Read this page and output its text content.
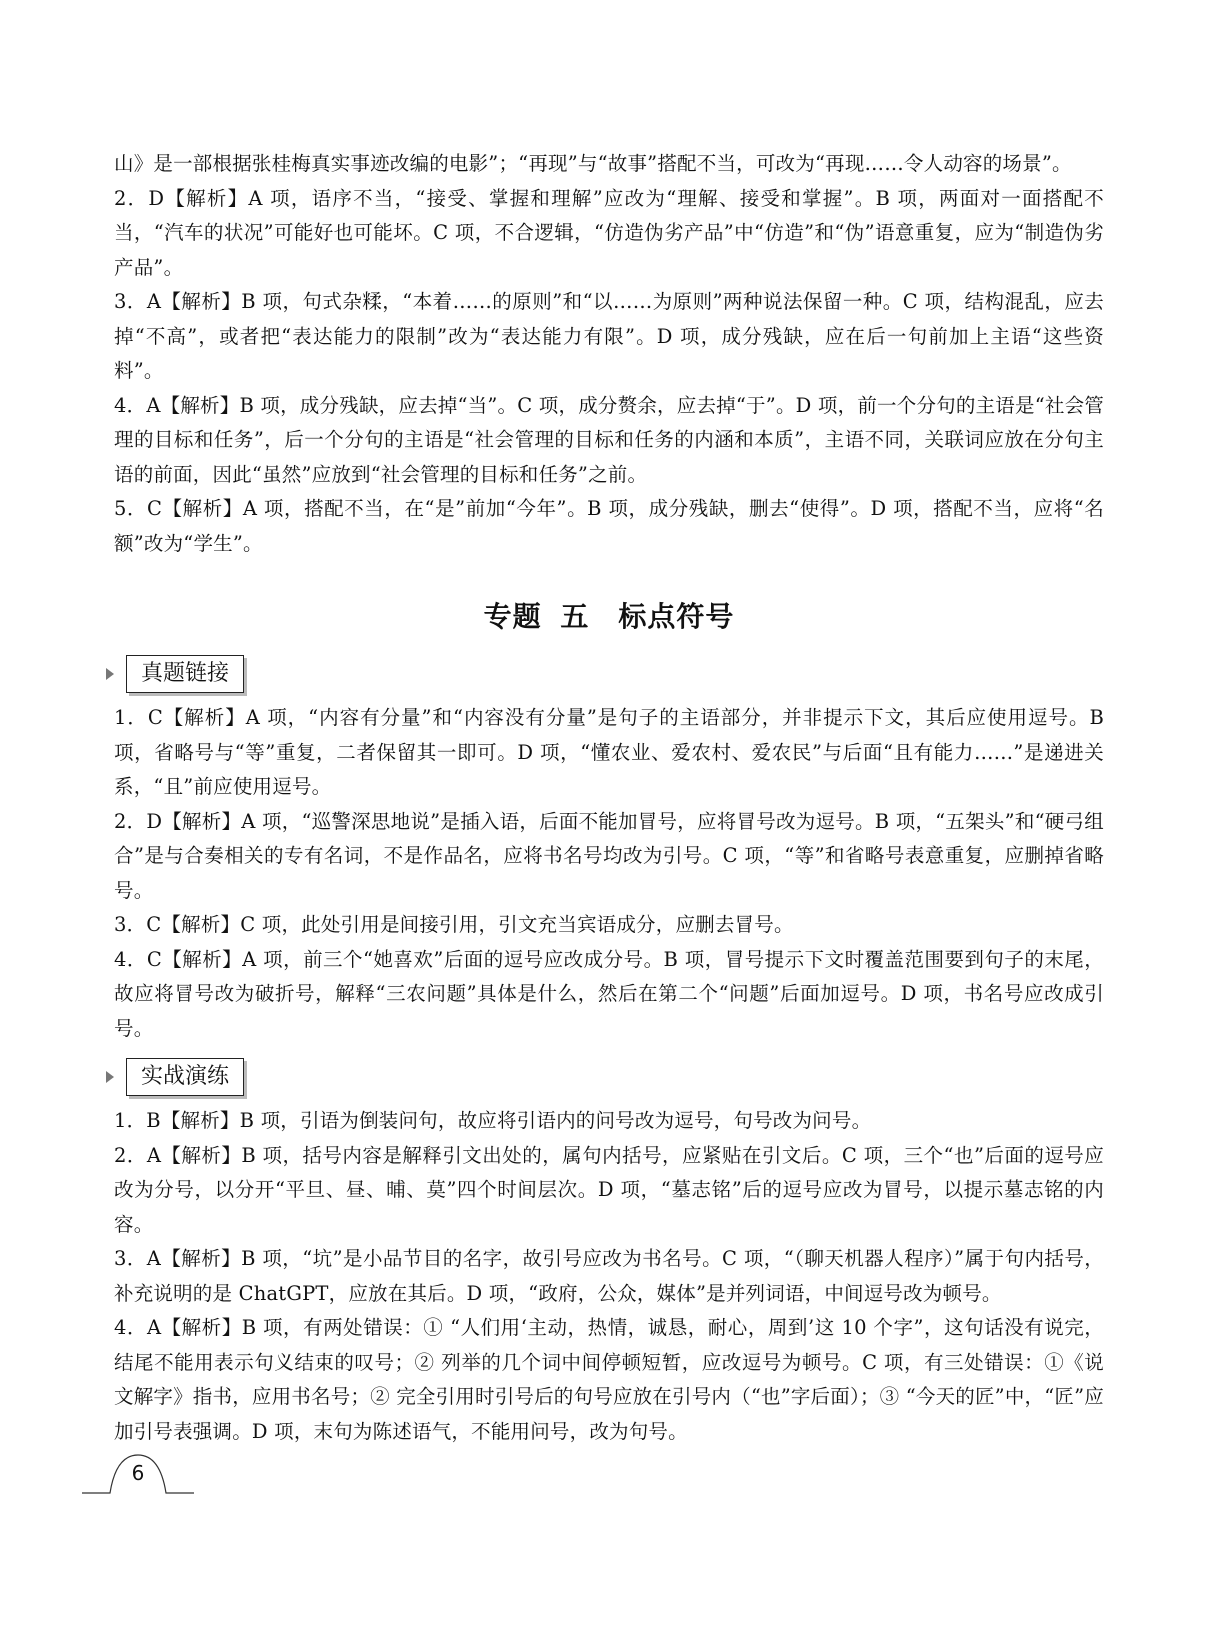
山》是一部根据张桂梅真实事迹改编的电影”；“再现”与“故事”搭配不当，可改为“再现……令人动容的场景”。

2．D【解析】A 项，语序不当，“接受、掌握和理解”应改为“理解、接受和掌握”。B 项，两面对一面搭配不当，“汽车的状况”可能好也可能坏。C 项，不合逻辑，“仿造伪劣产品”中“仿造”和“伪”语意重复，应为“制造伪劣产品”。

3．A【解析】B 项，句式杂糅，“本着……的原则”和“以……为原则”两种说法保留一种。C 项，结构混乱，应去掉“不高”，或者把“表达能力的限制”改为“表达能力有限”。D 项，成分残缺，应在后一句前加上主语“这些资料”。

4．A【解析】B 项，成分残缺，应去掉“当”。C 项，成分赘余，应去掉“于”。D 项，前一个分句的主语是“社会管理的目标和任务”，后一个分句的主语是“社会管理的目标和任务的内涵和本质”，主语不同，关联词应放在分句主语的前面，因此“虽然”应放到“社会管理的目标和任务”之前。

5．C【解析】A 项，搭配不当，在“是”前加“今年”。B 项，成分残缺，删去“使得”。D 项，搭配不当，应将“名额”改为“学生”。

专题 五　标点符号
真题链接

1．C【解析】A 项，“内容有分量”和“内容没有分量”是句子的主语部分，并非提示下文，其后应使用逗号。B 项，省略号与“等”重复，二者保留其一即可。D 项，“懂农业、爱农村、爱农民”与后面“且有能力……”是递进关系，“且”前应使用逗号。

2．D【解析】A 项，“巡警深思地说”是插入语，后面不能加冒号，应将冒号改为逗号。B 项，“五架头”和“硬弓组合”是与合奏相关的专有名词，不是作品名，应将书名号均改为引号。C 项，“等”和省略号表意重复，应删掉省略号。

3．C【解析】C 项，此处引用是间接引用，引文充当宾语成分，应删去冒号。

4．C【解析】A 项，前三个“她喜欢”后面的逗号应改成分号。B 项，冒号提示下文时覆盖范围要到句子的末尾，故应将冒号改为破折号，解释“三农问题”具体是什么，然后在第二个“问题”后面加逗号。D 项，书名号应改成引号。

实战演练

1．B【解析】B 项，引语为倒装问句，故应将引语内的问号改为逗号，句号改为问号。

2．A【解析】B 项，括号内容是解释引文出处的，属句内括号，应紧贴在引文后。C 项，三个“也”后面的逗号应改为分号，以分开“平旦、昼、晡、莫”四个时间层次。D 项，“墓志铭”后的逗号应改为冒号，以提示墓志铭的内容。

3．A【解析】B 项，“坑”是小品节目的名字，故引号应改为书名号。C 项，“（聊天机器人程序）”属于句内括号，补充说明的是 ChatGPT，应放在其后。D 项，“政府，公众，媒体”是并列词语，中间逗号改为顿号。

4．A【解析】B 项，有两处错误：① “人们用‘主动，热情，诚恳，耐心，周到’这 10 个字”，这句话没有说完，结尾不能用表示句义结束的叹号；② 列举的几个词中间停顿短暂，应改逗号为顿号。C 项，有三处错误：①《说文解字》指书，应用书名号；② 完全引用时引号后的句号应放在引号内（“也”字后面）；③ “今天的匠”中，“匠”应加引号表强调。D 项，末句为陈述语气，不能用问号，改为句号。

6
